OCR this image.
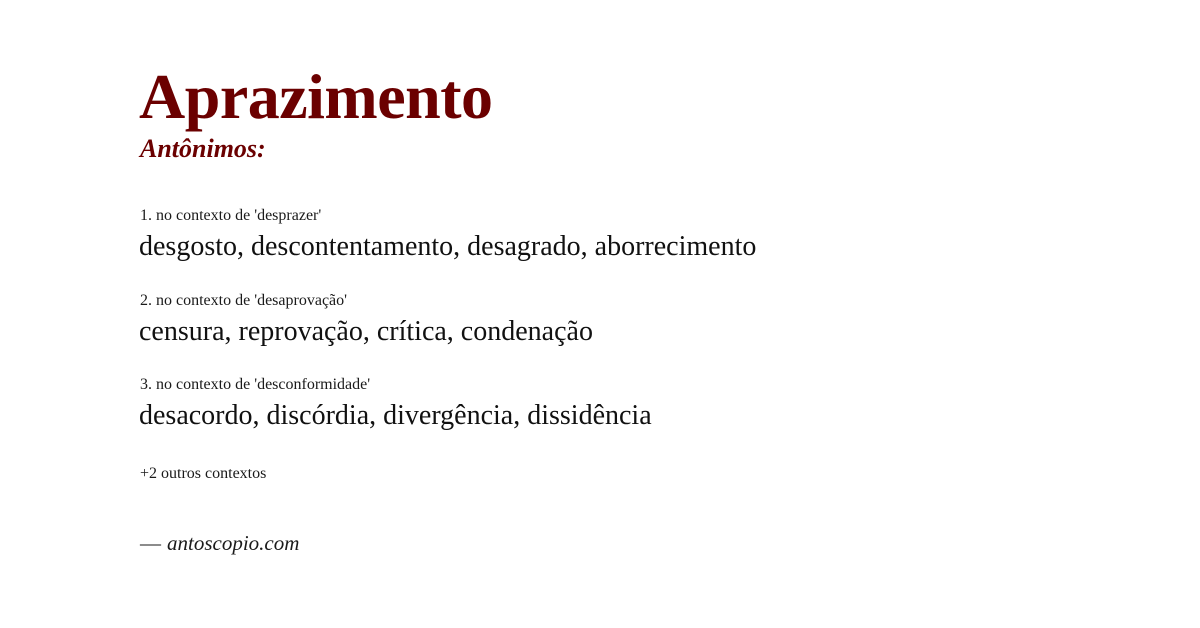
Aprazimento
Antônimos:
1. no contexto de 'desprazer'
desgosto, descontentamento, desagrado, aborrecimento
2. no contexto de 'desaprovação'
censura, reprovação, crítica, condenação
3. no contexto de 'desconformidade'
desacordo, discórdia, divergência, dissidência
+2 outros contextos
— antoscopio.com
